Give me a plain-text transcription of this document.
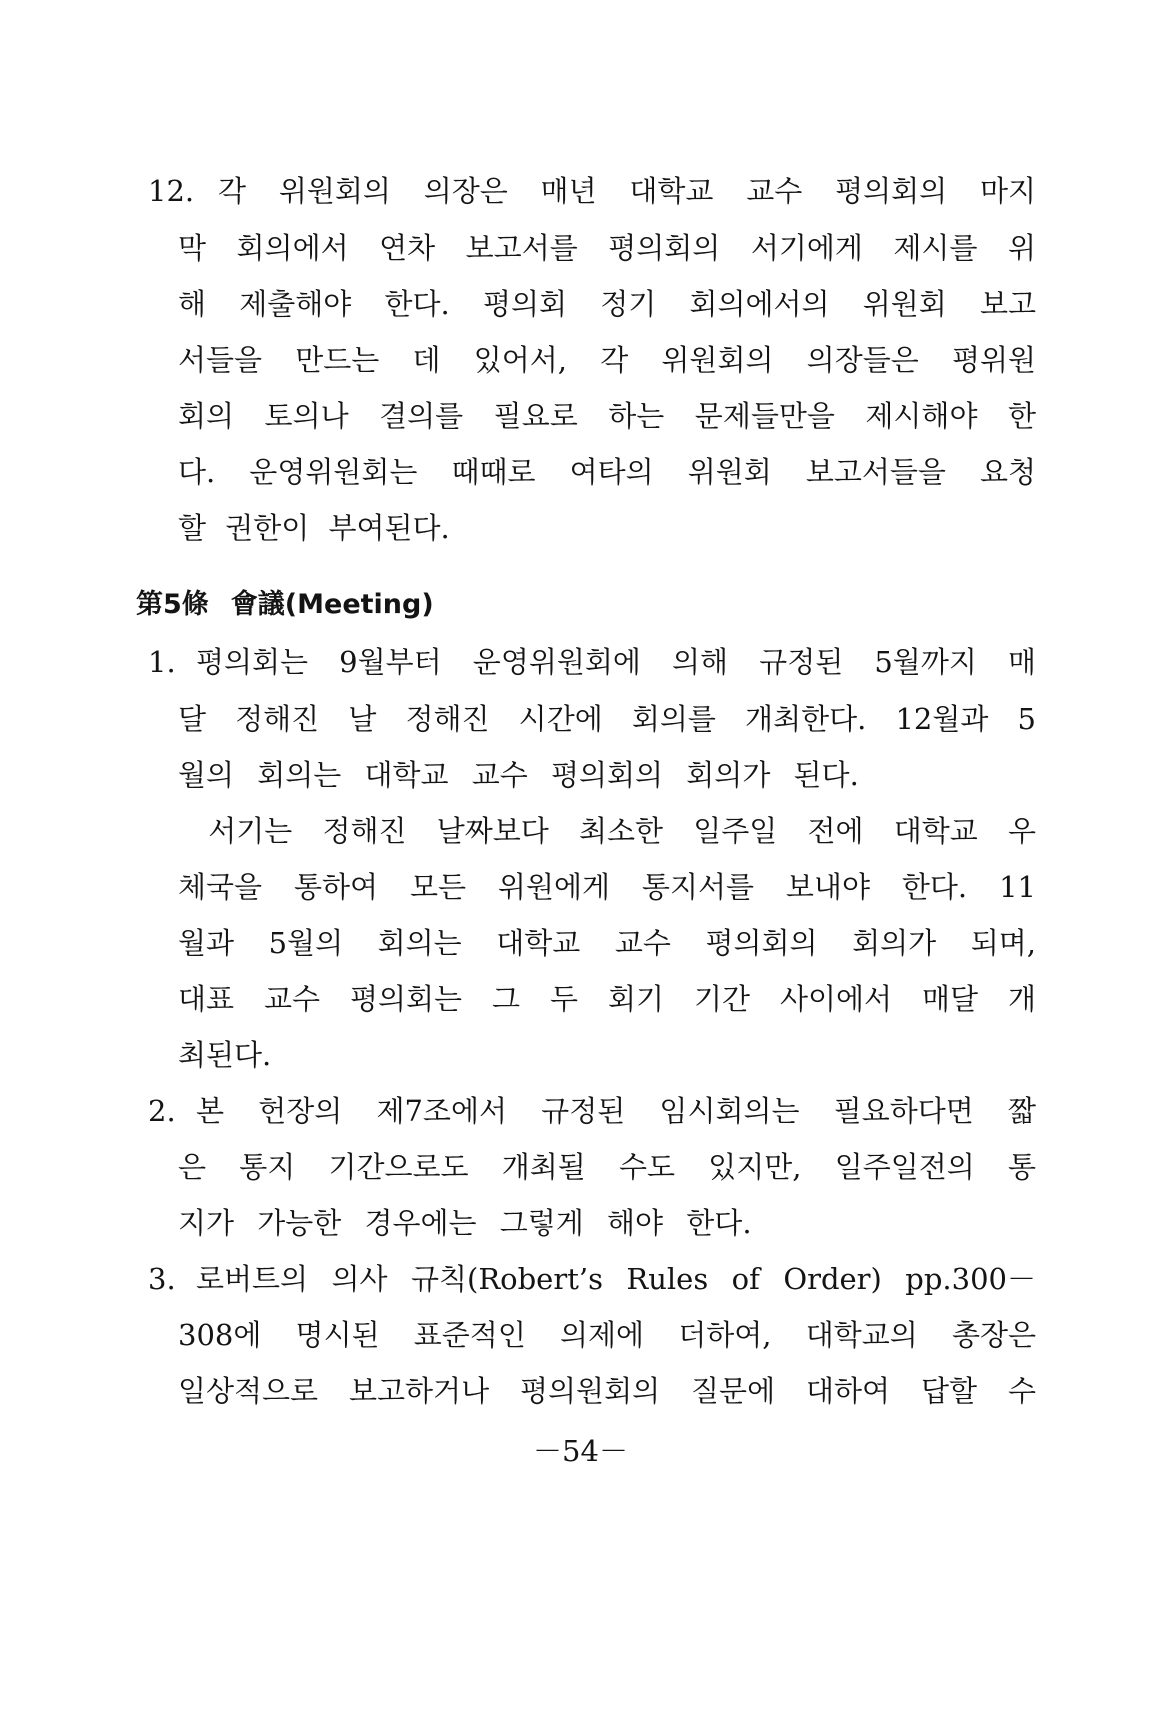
12. 각 위원회의 의장은 매년 대학교 교수 평의회의 마지
막 회의에서 연차 보고서를 평의회의 서기에게 제시를 위
해 제출해야 한다. 평의회 정기 회의에서의 위원회 보고
서들을 만드는 데 있어서, 각 위원회의 의장들은 평위원
회의 토의나 결의를 필요로 하는 문제들만을 제시해야 한
다. 운영위원회는 때때로 여타의 위원회 보고서들을 요청
할 권한이 부여된다.
第5條 會議(Meeting)
1. 평의회는 9월부터 운영위원회에 의해 규정된 5월까지 매
달 정해진 날 정해진 시간에 회의를 개최한다. 12월과 5
월의 회의는 대학교 교수 평의회의 회의가 된다.
서기는 정해진 날짜보다 최소한 일주일 전에 대학교 우
체국을 통하여 모든 위원에게 통지서를 보내야 한다. 11
월과 5월의 회의는 대학교 교수 평의회의 회의가 되며,
대표 교수 평의회는 그 두 회기 기간 사이에서 매달 개
최된다.
2. 본 헌장의 제7조에서 규정된 임시회의는 필요하다면 짧
은 통지 기간으로도 개최될 수도 있지만, 일주일전의 통
지가 가능한 경우에는 그렇게 해야 한다.
3. 로버트의 의사 규칙(Robert’s Rules of Order) pp.300－
308에 명시된 표준적인 의제에 더하여, 대학교의 총장은
일상적으로 보고하거나 평의원회의 질문에 대하여 답할 수
－54－
